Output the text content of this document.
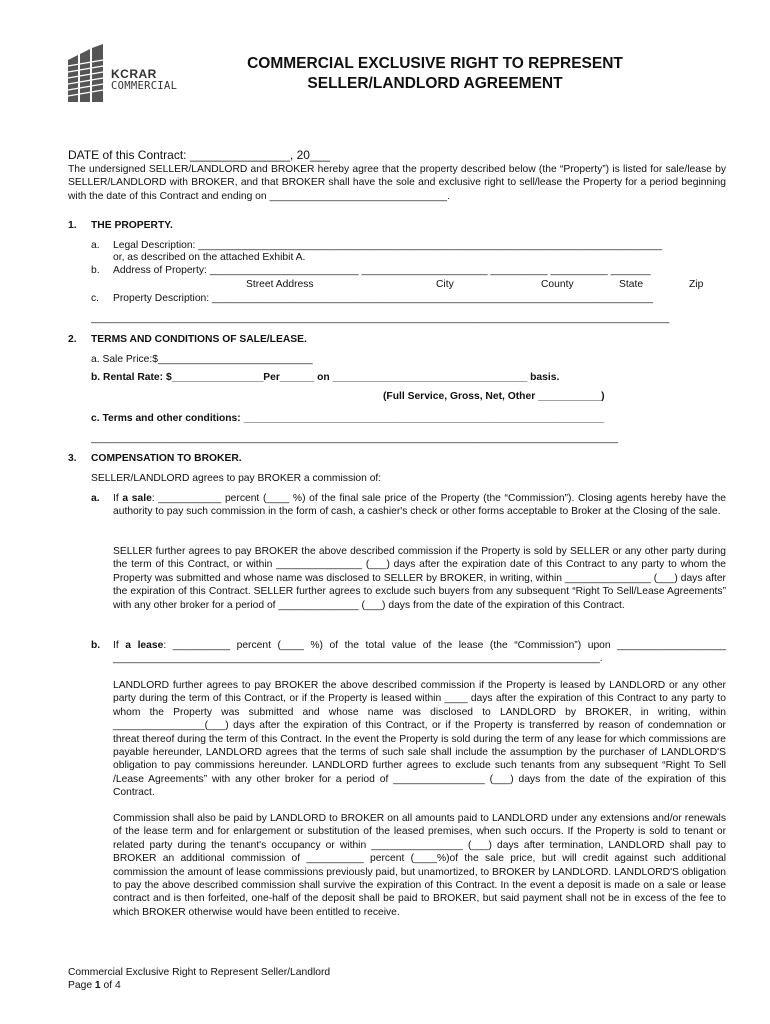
KCRAR
COMMERCIAL
COMMERCIAL EXCLUSIVE RIGHT TO REPRESENT
SELLER/LANDLORD AGREEMENT
DATE of this Contract: _______________, 20___
The undersigned SELLER/LANDLORD and BROKER hereby agree that the property described below (the “Property”) is listed for sale/lease by SELLER/LANDLORD with BROKER, and that BROKER shall have the sole and exclusive right to sell/lease the Property for a period beginning with the date of this Contract and ending on _______________________________.
1. THE PROPERTY.
a. Legal Description: _________________________________________________________________________________
or, as described on the attached Exhibit A.
b. Address of Property: __________________________ ______________________ __________ __________ _______
Street Address	City	County	State	Zip
c. Property Description: _____________________________________________________________________________
_____________________________________________________________________________________________________
2. TERMS AND CONDITIONS OF SALE/LEASE.
a. Sale Price:$___________________________
b. Rental Rate: $________________Per______ on __________________________________ basis.
(Full Service, Gross, Net, Other ___________)
c. Terms and other conditions: _______________________________________________________________
____________________________________________________________________________________________
3. COMPENSATION TO BROKER.
SELLER/LANDLORD agrees to pay BROKER a commission of:
a. If a sale: ___________ percent (____ %) of the final sale price of the Property (the “Commission”). Closing agents hereby have the authority to pay such commission in the form of cash, a cashier's check or other forms acceptable to Broker at the Closing of the sale.
SELLER further agrees to pay BROKER the above described commission if the Property is sold by SELLER or any other party during the term of this Contract, or within _______________ (___) days after the expiration date of this Contract to any party to whom the Property was submitted and whose name was disclosed to SELLER by BROKER, in writing, within _______________ (___) days after the expiration of this Contract. SELLER further agrees to exclude such buyers from any subsequent “Right To Sell/Lease Agreements” with any other broker for a period of ______________ (___) days from the date of the expiration of this Contract.
b. If a lease: __________ percent (____ %) of the total value of the lease (the “Commission”) upon ___________________ _____________________________________________________________________________________.
LANDLORD further agrees to pay BROKER the above described commission if the Property is leased by LANDLORD or any other party during the term of this Contract, or if the Property is leased within ____ days after the expiration of this Contract to any party to whom the Property was submitted and whose name was disclosed to LANDLORD by BROKER, in writing, within ________________(___) days after the expiration of this Contract, or if the Property is transferred by reason of condemnation or threat thereof during the term of this Contract. In the event the Property is sold during the term of any lease for which commissions are payable hereunder, LANDLORD agrees that the terms of such sale shall include the assumption by the purchaser of LANDLORD'S obligation to pay commissions hereunder. LANDLORD further agrees to exclude such tenants from any subsequent “Right To Sell /Lease Agreements” with any other broker for a period of ________________ (___) days from the date of the expiration of this Contract.
Commission shall also be paid by LANDLORD to BROKER on all amounts paid to LANDLORD under any extensions and/or renewals of the lease term and for enlargement or substitution of the leased premises, when such occurs. If the Property is sold to tenant or related party during the tenant's occupancy or within ________________ (___) days after termination, LANDLORD shall pay to BROKER an additional commission of __________ percent (____%)of the sale price, but will credit against such additional commission the amount of lease commissions previously paid, but unamortized, to BROKER by LANDLORD. LANDLORD'S obligation to pay the above described commission shall survive the expiration of this Contract. In the event a deposit is made on a sale or lease contract and is then forfeited, one-half of the deposit shall be paid to BROKER, but said payment shall not be in excess of the fee to which BROKER otherwise would have been entitled to receive.
Commercial Exclusive Right to Represent Seller/Landlord
Page 1 of 4
